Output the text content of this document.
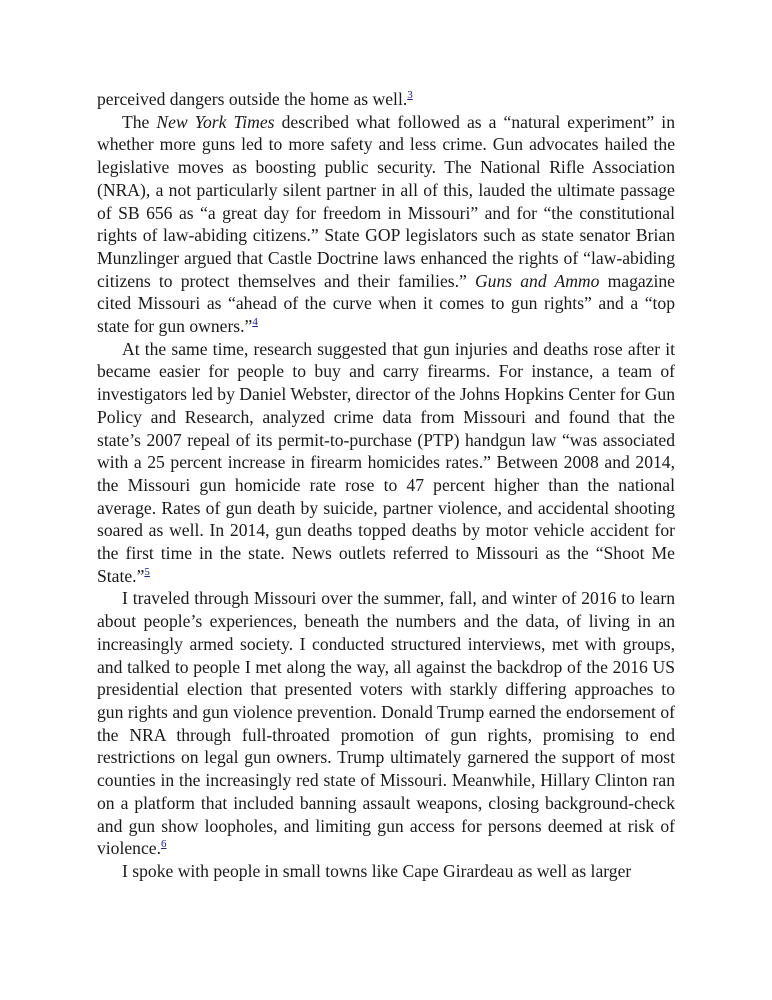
perceived dangers outside the home as well.$^3$

The New York Times described what followed as a “natural experiment” in whether more guns led to more safety and less crime. Gun advocates hailed the legislative moves as boosting public security. The National Rifle Association (NRA), a not particularly silent partner in all of this, lauded the ultimate passage of SB 656 as “a great day for freedom in Missouri” and for “the constitutional rights of law-abiding citizens.” State GOP legislators such as state senator Brian Munzlinger argued that Castle Doctrine laws enhanced the rights of “law-abiding citizens to protect themselves and their families.” Guns and Ammo magazine cited Missouri as “ahead of the curve when it comes to gun rights” and a “top state for gun owners.”$^4$

At the same time, research suggested that gun injuries and deaths rose after it became easier for people to buy and carry firearms. For instance, a team of investigators led by Daniel Webster, director of the Johns Hopkins Center for Gun Policy and Research, analyzed crime data from Missouri and found that the state’s 2007 repeal of its permit-to-purchase (PTP) handgun law “was associated with a 25 percent increase in firearm homicides rates.” Between 2008 and 2014, the Missouri gun homicide rate rose to 47 percent higher than the national average. Rates of gun death by suicide, partner violence, and accidental shooting soared as well. In 2014, gun deaths topped deaths by motor vehicle accident for the first time in the state. News outlets referred to Missouri as the “Shoot Me State.”$^5$

I traveled through Missouri over the summer, fall, and winter of 2016 to learn about people’s experiences, beneath the numbers and the data, of living in an increasingly armed society. I conducted structured interviews, met with groups, and talked to people I met along the way, all against the backdrop of the 2016 US presidential election that presented voters with starkly differing approaches to gun rights and gun violence prevention. Donald Trump earned the endorsement of the NRA through full-throated promotion of gun rights, promising to end restrictions on legal gun owners. Trump ultimately garnered the support of most counties in the increasingly red state of Missouri. Meanwhile, Hillary Clinton ran on a platform that included banning assault weapons, closing background-check and gun show loopholes, and limiting gun access for persons deemed at risk of violence.$^6$

I spoke with people in small towns like Cape Girardeau as well as larger
